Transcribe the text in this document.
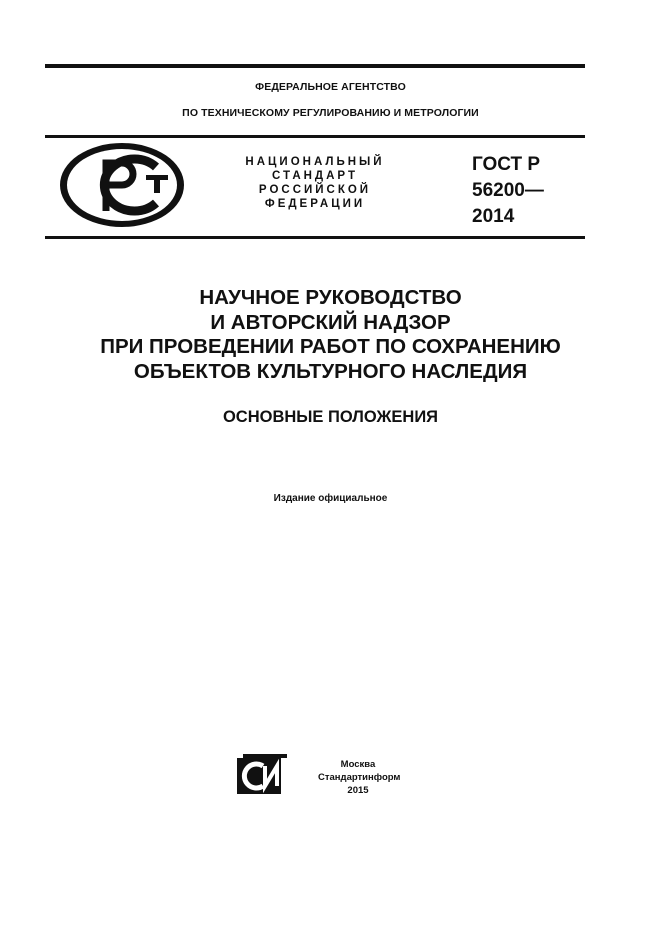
ФЕДЕРАЛЬНОЕ АГЕНТСТВО
ПО ТЕХНИЧЕСКОМУ РЕГУЛИРОВАНИЮ И МЕТРОЛОГИИ
НАЦИОНАЛЬНЫЙ
СТАНДАРТ
РОССИЙСКОЙ
ФЕДЕРАЦИИ
ГОСТ Р
56200—
2014
НАУЧНОЕ РУКОВОДСТВО
И АВТОРСКИЙ НАДЗОР
ПРИ ПРОВЕДЕНИИ РАБОТ ПО СОХРАНЕНИЮ
ОБЪЕКТОВ КУЛЬТУРНОГО НАСЛЕДИЯ
ОСНОВНЫЕ ПОЛОЖЕНИЯ
Издание официальное
Москва
Стандартинформ
2015
